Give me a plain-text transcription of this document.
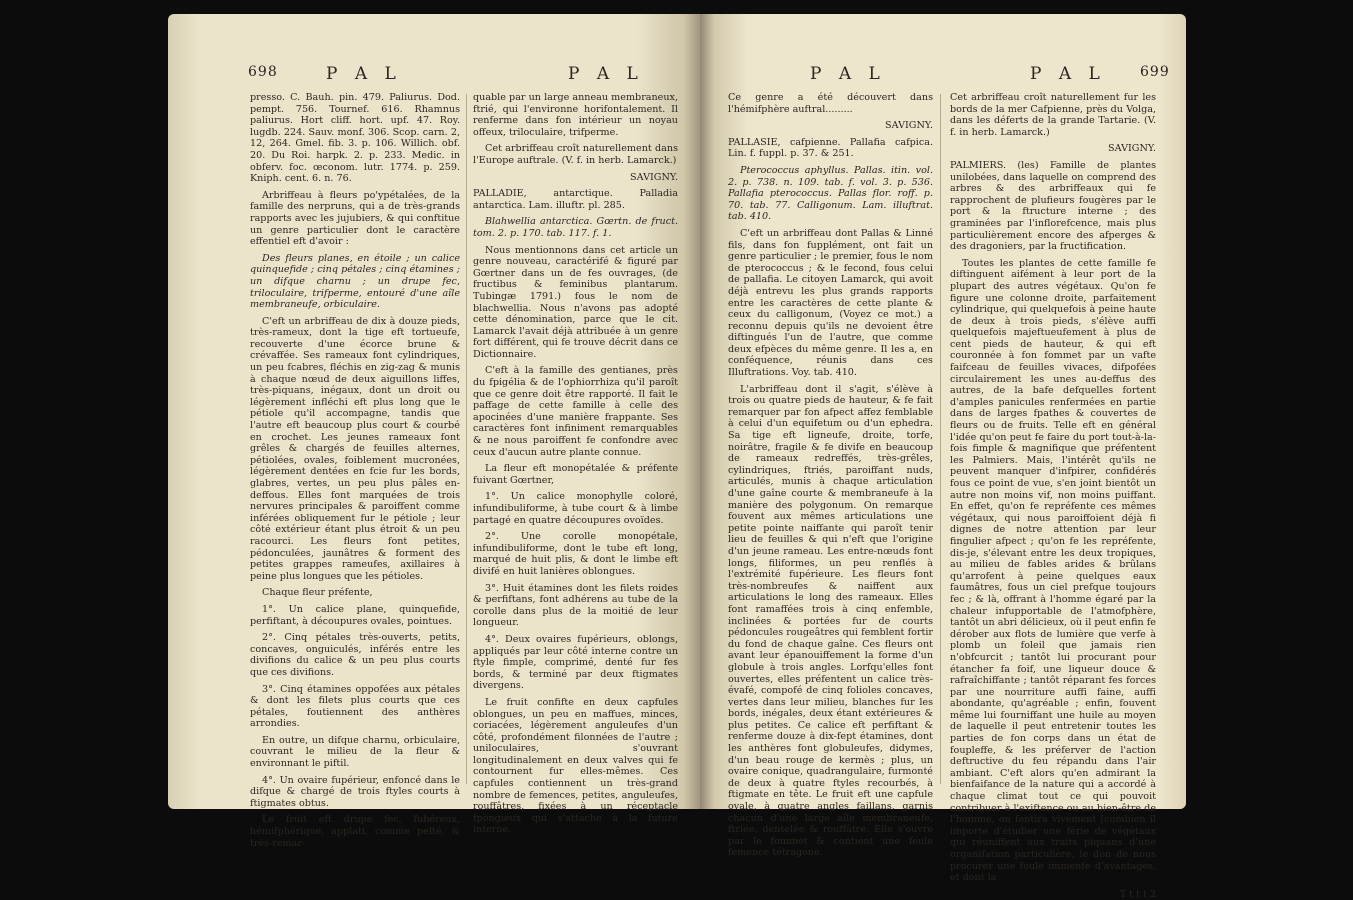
698	P A L	P A L

presso. C. Bauh. pin. 479. Paliurus. Dod. pempt. 756. Tournef. 616. Rhamnus paliurus. Hort cliff. hort. upf. 47. Roy. lugdb. 224. Sauv. monf. 306. Scop. carn. 2, 12, 264. Gmel. fib. 3. p. 106. Willich. obf. 20. Du Roi. harpk. 2. p. 233. Medic. in obferv. foc. œconom. lutr. 1774. p. 259. Kniph. cent. 6. n. 76.

Arbriffeau à fleurs po'ypétalées, de la famille des nerpruns, qui a de très-grands rapports avec les jujubiers, & qui conftitue un genre particulier dont le caractère effentiel eft d'avoir :

Des fleurs planes, en étoile ; un calice quinquefide ; cinq pétales ; cinq étamines ; un difque charnu ; un drupe fec, triloculaire, trifperme, entouré d'une aîle membraneufe, orbiculaire.

C'eft un arbriffeau de dix à douze pieds, très-rameux, dont la tige eft tortueufe, recouverte d'une écorce brune & crévaffée. Ses rameaux font cylindriques, un peu fcabres, fléchis en zig-zag & munis à chaque nœud de deux aiguillons liffes, très-piquans, inégaux, dont un droit ou légèrement infléchi eft plus long que le pétiole qu'il accompagne, tandis que l'autre eft beaucoup plus court & courbé en crochet. Les jeunes rameaux font grêles & chargés de feuilles alternes, pétiolées, ovales, foiblement mucronées, légèrement dentées en fcie fur les bords, glabres, vertes, un peu plus pâles en-deffous. Elles font marquées de trois nervures principales & paroiffent comme inférées obliquement fur le pétiole ; leur côté extérieur étant plus étroit & un peu racourci. Les fleurs font petites, pédonculées, jaunâtres & forment des petites grappes rameufes, axillaires à peine plus longues que les pétioles.

Chaque fleur préfente,

1°. Un calice plane, quinquefide, perfiftant, à découpures ovales, pointues.

2°. Cinq pétales très-ouverts, petits, concaves, onguiculés, inférés entre les divifions du calice & un peu plus courts que ces divifions.

3°. Cinq étamines oppofées aux pétales & dont les filets plus courts que ces pétales, foutiennent des anthères arrondies.

En outre, un difque charnu, orbiculaire, couvrant le milieu de la fleur & environnant le piftil.

4°. Un ovaire fupérieur, enfoncé dans le difque & chargé de trois ftyles courts à ftigmates obtus.

Le fruit eft drupe fec, fubéreux, hémifphérique, applati, comme pelté, & très-remar-

quable par un large anneau membraneux, ftrié, qui l'environne horifontalement. Il renferme dans fon intérieur un noyau offeux, triloculaire, trifperme.

Cet arbriffeau croît naturellement dans l'Europe auftrale. (V. f. in herb. Lamarck.)

SAVIGNY.

PALLADIE, antarctique. Palladia antarctica. Lam. illuftr. pl. 285.

Blahwellia antarctica. Gœrtn. de fruct. tom. 2. p. 170. tab. 117. f. 1.

Nous mentionnons dans cet article un genre nouveau, caractérifé & figuré par Gœrtner dans un de fes ouvrages, (de fructibus & feminibus plantarum. Tubingæ 1791.) fous le nom de blachwellia. Nous n'avons pas adopté cette dénomination, parce que le cit. Lamarck l'avait déjà attribuée à un genre fort différent, qui fe trouve décrit dans ce Dictionnaire.

C'eft à la famille des gentianes, près du fpigélia & de l'ophiorrhiza qu'il paroît que ce genre doit être rapporté. Il fait le paffage de cette famille à celle des apocinées d'une manière frappante. Ses caractères font infiniment remarquables & ne nous paroiffent fe confondre avec ceux d'aucun autre plante connue.

La fleur eft monopétalée & préfente fuivant Gœrtner,

1°. Un calice monophylle coloré, infundibuliforme, à tube court & à limbe partagé en quatre découpures ovoïdes.

2°. Une corolle monopétale, infundibuliforme, dont le tube eft long, marqué de huit plis, & dont le limbe eft divifé en huit lanières oblongues.

3°. Huit étamines dont les filets roides & perfiftans, font adhérens au tube de la corolle dans plus de la moitié de leur longueur.

4°. Deux ovaires fupérieurs, oblongs, appliqués par leur côté interne contre un ftyle fimple, comprimé, denté fur fes bords, & terminé par deux ftigmates divergens.

Le fruit confifte en deux capfules oblongues, un peu en maffues, minces, coriacées, légèrement anguleufes d'un côté, profondément filonnées de l'autre ; uniloculaires, s'ouvrant longitudinalement en deux valves qui fe contournent fur elles-mêmes. Ces capfules contiennent un très-grand nombre de femences, petites, anguleufes, rouffâtres, fixées à un réceptacle fpongieux qui s'attache à la future interne.

P A L	P A L 699

Ce genre a été découvert dans l'hémifphère auftral.........

SAVIGNY.

PALLASIE, cafpienne. Pallafia cafpica. Lin. f. fuppl. p. 37. & 251.

Pterococcus aphyllus. Pallas. itin. vol. 2. p. 738. n. 109. tab. f. vol. 3. p. 536. Pallafia pterococcus. Pallas flor. roff. p. 70. tab. 77. Calligonum. Lam. illuftrat. tab. 410.

C'eft un arbriffeau dont Pallas & Linné fils, dans fon fupplément, ont fait un genre particulier ; le premier, fous le nom de pterococcus ; & le fecond, fous celui de pallafia. Le citoyen Lamarck, qui avoit déjà entrevu les plus grands rapports entre les caractères de cette plante & ceux du calligonum, (Voyez ce mot.) a reconnu depuis qu'ils ne devoient être diftingués l'un de l'autre, que comme deux efpèces du même genre. Il les a, en conféquence, réunis dans ces Illuftrations. Voy. tab. 410.

L'arbriffeau dont il s'agit, s'élève à trois ou quatre pieds de hauteur, & fe fait remarquer par fon afpect affez femblable à celui d'un equifetum ou d'un ephedra. Sa tige eft ligneufe, droite, torfe, noirâtre, fragile & fe divife en beaucoup de rameaux redreffés, très-grêles, cylindriques, ftriés, paroiffant nuds, articulés, munis à chaque articulation d'une gaîne courte & membraneufe à la manière des polygonum. On remarque fouvent aux mêmes articulations une petite pointe naiffante qui paroît tenir lieu de feuilles & qui n'eft que l'origine d'un jeune rameau. Les entre-nœuds font longs, filiformes, un peu renflés à l'extrémité fupérieure. Les fleurs font très-nombreufes & naiffent aux articulations le long des rameaux. Elles font ramaffées trois à cinq enfemble, inclinées & portées fur de courts pédoncules rougeâtres qui femblent fortir du fond de chaque gaîne. Ces fleurs ont avant leur épanouiffement la forme d'un globule à trois angles. Lorfqu'elles font ouvertes, elles préfentent un calice très-évafé, compofé de cinq folioles concaves, vertes dans leur milieu, blanches fur les bords, inégales, deux étant extérieures & plus petites. Ce calice eft perfiftant & renferme douze à dix-fept étamines, dont les anthères font globuleufes, didymes, d'un beau rouge de kermès ; plus, un ovaire conique, quadrangulaire, furmonté de deux à quatre ftyles recourbés, à ftigmate en tête. Le fruit eft une capfule ovale, à quatre angles faillans, garnis chacun d'une large aîle membraneufe, ftriée, dentelée & rouffâtre. Elle s'ouvre par le fommet & contient une feule femence tétragone.

Cet arbriffeau croît naturellement fur les bords de la mer Cafpienne, près du Volga, dans les déferts de la grande Tartarie. (V. f. in herb. Lamarck.)

SAVIGNY.

PALMIERS. (les) Famille de plantes unilobées, dans laquelle on comprend des arbres & des arbriffeaux qui fe rapprochent de plufieurs fougères par le port & la ftructure interne ; des graminées par l'inflorefcence, mais plus particulièrement encore des afperges & des dragoniers, par la fructification.

Toutes les plantes de cette famille fe diftinguent aifément à leur port de la plupart des autres végétaux. Qu'on fe figure une colonne droite, parfaitement cylindrique, qui quelquefois à peine haute de deux à trois pieds, s'élève auffi quelquefois majeftueufement à plus de cent pieds de hauteur, & qui eft couronnée à fon fommet par un vafte faifceau de feuilles vivaces, difpofées circulairement les unes au-deffus des autres, de la bafe defquelles fortent d'amples panicules renfermées en partie dans de larges fpathes & couvertes de fleurs ou de fruits. Telle eft en général l'idée qu'on peut fe faire du port tout-à-la-fois fimple & magnifique que préfentent les Palmiers. Mais, l'intérêt qu'ils ne peuvent manquer d'infpirer, confidérés fous ce point de vue, s'en joint bientôt un autre non moins vif, non moins puiffant. En effet, qu'on fe repréfente ces mêmes végétaux, qui nous paroiffoient déjà fi dignes de notre attention par leur fingulier afpect ; qu'on fe les repréfente, dis-je, s'élevant entre les deux tropiques, au milieu de fables arides & brûlans qu'arrofent à peine quelques eaux faumâtres, fous un ciel prefque toujours fec ; & là, offrant à l'homme égaré par la chaleur infupportable de l'atmofphère, tantôt un abri délicieux, où il peut enfin fe dérober aux flots de lumière que verfe à plomb un foleil que jamais rien n'obfcurcit ; tantôt lui procurant pour étancher fa foif, une liqueur douce & rafraîchiffante ; tantôt réparant fes forces par une nourriture auffi faine, auffi abondante, qu'agréable ; enfin, fouvent même lui fourniffant une huile au moyen de laquelle il peut entretenir toutes les parties de fon corps dans un état de foupleffe, & les préferver de l'action deftructive du feu répandu dans l'air ambiant. C'eft alors qu'en admirant la bienfaifance de la nature qui a accordé à chaque climat tout ce qui pouvoit contribuer à l'exiftence ou au bien-être de l'homme, on fentira vivement [combien il importe d'étudier une férie de végétaux qui réuniffent aux traits piquans d'une organifation particulière, le don de nous procurer une foule immenfe d'avantages, et dont la

T t t t 2
